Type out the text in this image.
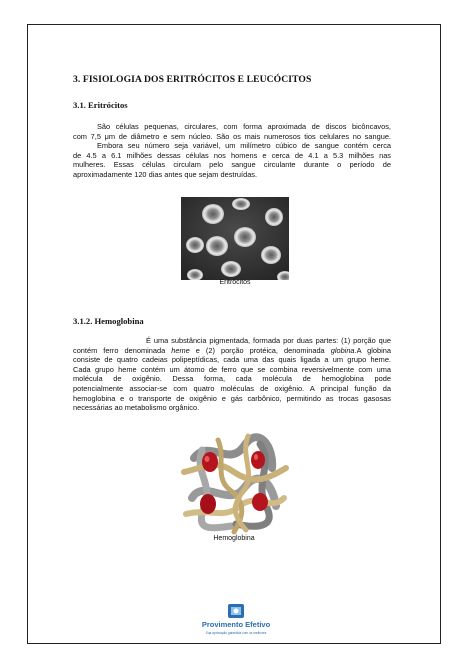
3. FISIOLOGIA DOS ERITRÓCITOS E LEUCÓCITOS
3.1. Eritrócitos

São células pequenas, circulares, com forma aproximada de discos bicôncavos,
com 7,5 μm de diâmetro e sem núcleo. São os mais numerosos tios celulares no sangue.
Embora seu número seja variável, um milímetro cúbico de sangue contém cerca
de 4.5 a 6.1 milhões dessas células nos homens e cerca de 4.1 a 5.3 milhões nas
mulheres. Essas células circulam pelo sangue circulante durante o período de
aproximadamente 120 dias antes que sejam destruídas.

Eritrócitos

3.1.2. Hemoglobina

É uma substância pigmentada, formada por duas partes: (1) porção que
contém ferro denominada heme e (2) porção protéica, denominada globina.A globina
consiste de quatro cadeias polipeptídicas, cada uma das quais ligada a um grupo heme.
Cada grupo heme contém um átomo de ferro que se combina reversivelmente com uma
molécula de oxigênio. Dessa forma, cada molécula de hemoglobina pode
potencialmente associar-se com quatro moléculas de oxigênio. A principal função da
hemoglobina e o transporte de oxigênio e gás carbônico, permitindo as trocas gasosas
necessárias ao metabolismo orgânico.

Hemoglobina

Provimento Efetivo
Sua aprovação garantida com os melhores
